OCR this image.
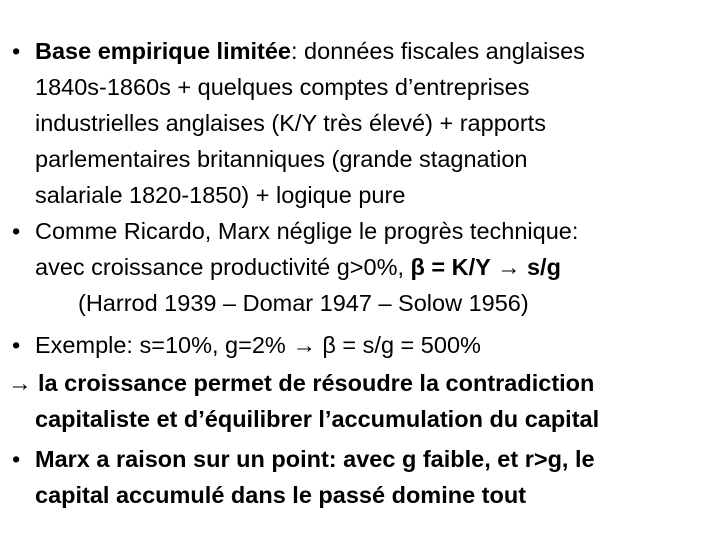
• Base empirique limitée: données fiscales anglaises
1840s-1860s + quelques comptes d’entreprises
industrielles anglaises (K/Y très élevé) + rapports
parlementaires britanniques (grande stagnation
salariale 1820-1850) + logique pure
• Comme Ricardo, Marx néglige le progrès technique:
avec croissance productivité g>0%, β = K/Y → s/g
(Harrod 1939 – Domar 1947 – Solow 1956)
• Exemple: s=10%, g=2% → β = s/g = 500%
→ la croissance permet de résoudre la contradiction
capitaliste et d’équilibrer l’accumulation du capital
• Marx a raison sur un point: avec g faible, et r>g, le
capital accumulé dans le passé domine tout
